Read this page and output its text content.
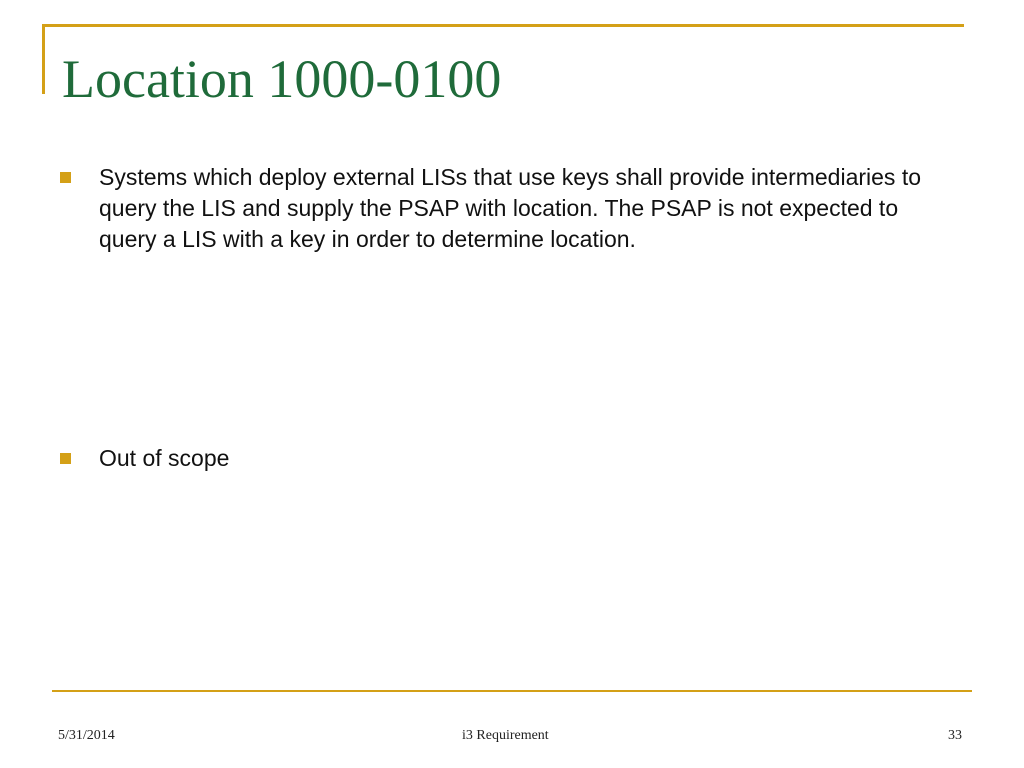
Location 1000-0100
Systems which deploy external LISs that use keys shall provide intermediaries to query the LIS and supply the PSAP with location. The PSAP is not expected to query a LIS with a key in order to determine location.
Out of scope
5/31/2014	i3 Requirement	33
